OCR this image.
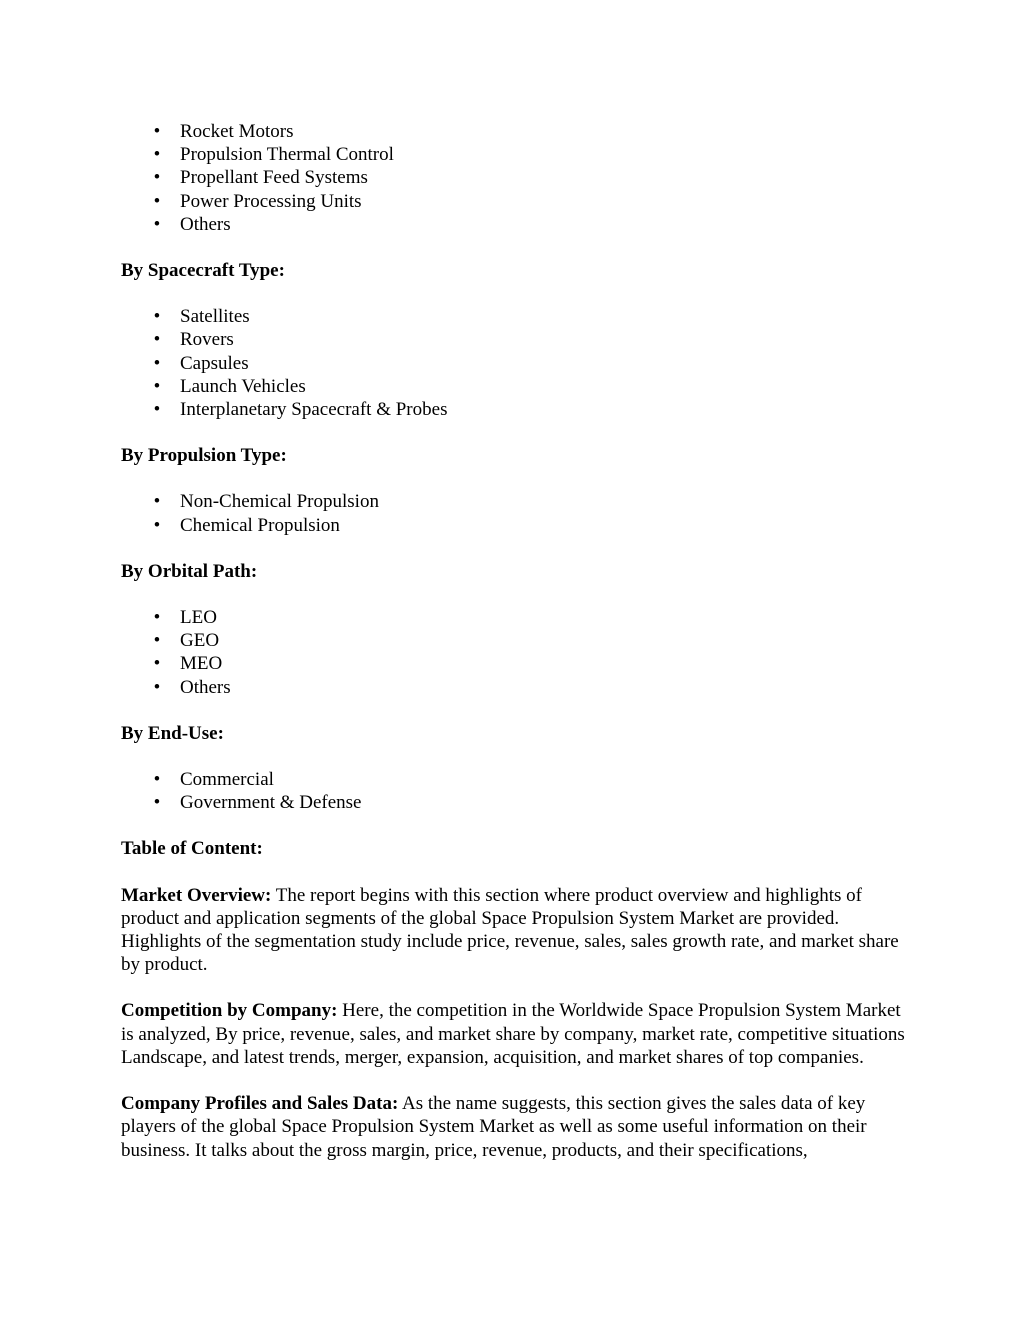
• Rocket Motors
• Propulsion Thermal Control
• Propellant Feed Systems
• Power Processing Units
• Others
By Spacecraft Type:
• Satellites
• Rovers
• Capsules
• Launch Vehicles
• Interplanetary Spacecraft & Probes
By Propulsion Type:
• Non-Chemical Propulsion
• Chemical Propulsion
By Orbital Path:
• LEO
• GEO
• MEO
• Others
By End-Use:
• Commercial
• Government & Defense
Table of Content:

Market Overview: The report begins with this section where product overview and highlights of product and application segments of the global Space Propulsion System Market are provided. Highlights of the segmentation study include price, revenue, sales, sales growth rate, and market share by product.

Competition by Company: Here, the competition in the Worldwide Space Propulsion System Market is analyzed, By price, revenue, sales, and market share by company, market rate, competitive situations Landscape, and latest trends, merger, expansion, acquisition, and market shares of top companies.

Company Profiles and Sales Data: As the name suggests, this section gives the sales data of key players of the global Space Propulsion System Market as well as some useful information on their business. It talks about the gross margin, price, revenue, products, and their specifications,
